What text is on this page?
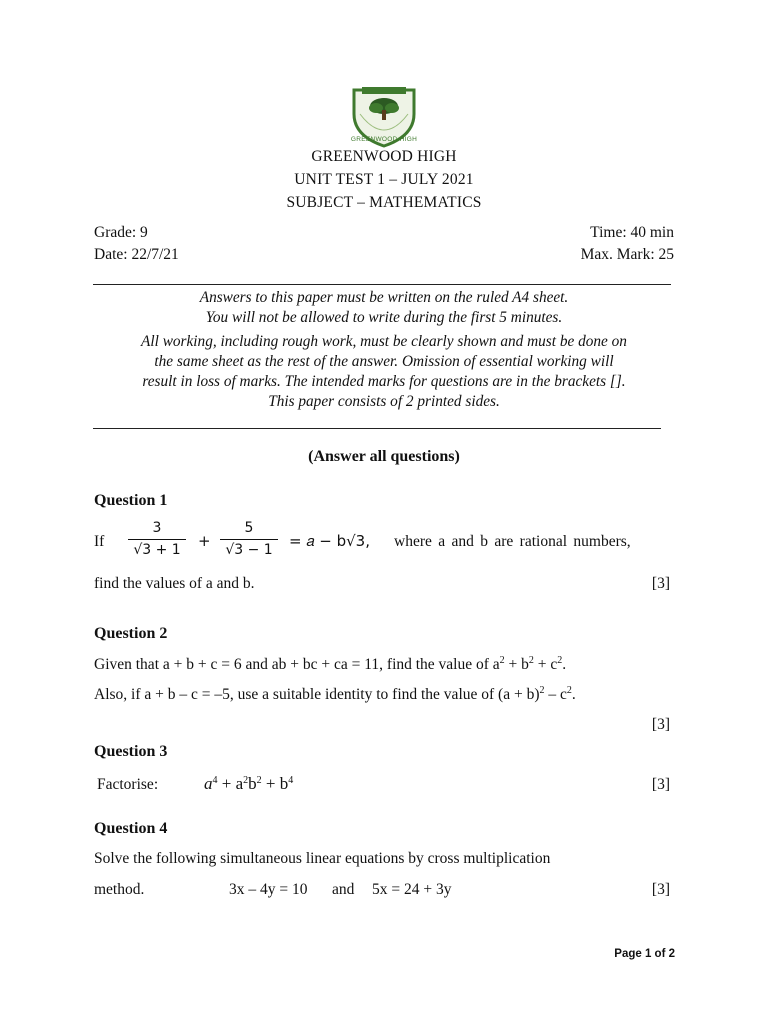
GREENWOOD HIGH
GREENWOOD HIGH
UNIT TEST 1 – JULY 2021
SUBJECT – MATHEMATICS
Grade: 9	Time: 40 min
Date: 22/7/21	Max. Mark: 25
Answers to this paper must be written on the ruled A4 sheet.
You will not be allowed to write during the first 5 minutes.
All working, including rough work, must be clearly shown and must be done on
the same sheet as the rest of the answer. Omission of essential working will
result in loss of marks. The intended marks for questions are in the brackets [].
This paper consists of 2 printed sides.
(Answer all questions)
Question 1
If
3
√3 + 1	+
5
√3 − 1	= 𝑎 − b√3, where a and b are rational numbers,
find the values of a and b.	[3]
Question 2
Given that a + b + c = 6 and ab + bc + ca = 11, find the value of $a^2 + b^2 + c^2$.
Also, if a + b – c = –5, use a suitable identity to find the value of $(a + b)^2 - c^2$.
[3]
Question 3
Factorise:	$a^4 + a^2b^2 + b^4$	[3]
Question 4
Solve the following simultaneous linear equations by cross multiplication
method.	3x – 4y = 10 and 5x = 24 + 3y	[3]
Page 1 of 2
